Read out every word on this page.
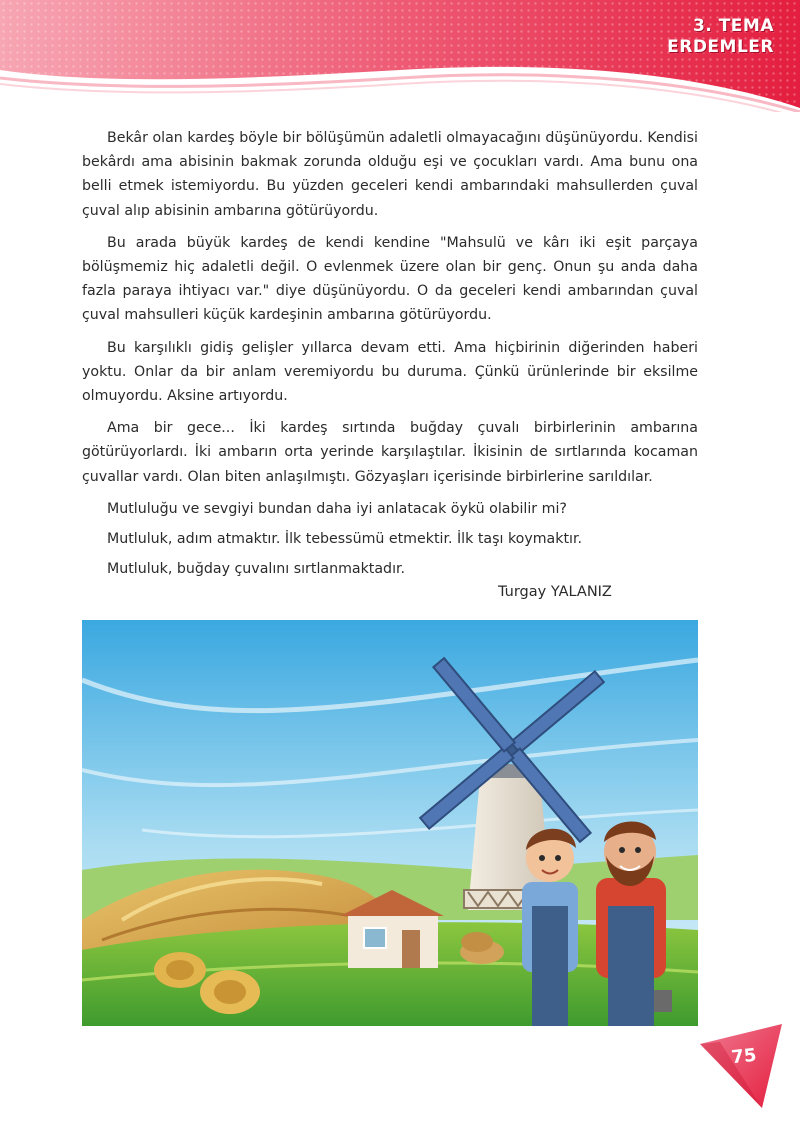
3. TEMA
ERDEMLER

Bekâr olan kardeş böyle bir bölüşümün adaletli olmayacağını düşünüyordu. Kendisi bekârdı ama abisinin bakmak zorunda olduğu eşi ve çocukları vardı. Ama bunu ona belli etmek istemiyordu. Bu yüzden geceleri kendi ambarındaki mahsullerden çuval çuval alıp abisinin ambarına götürüyordu.

Bu arada büyük kardeş de kendi kendine "Mahsulü ve kârı iki eşit parçaya bölüşmemiz hiç adaletli değil. O evlenmek üzere olan bir genç. Onun şu anda daha fazla paraya ihtiyacı var." diye düşünüyordu. O da geceleri kendi ambarından çuval çuval mahsulleri küçük kardeşinin ambarına götürüyordu.

Bu karşılıklı gidiş gelişler yıllarca devam etti. Ama hiçbirinin diğerinden haberi yoktu. Onlar da bir anlam veremiyordu bu duruma. Çünkü ürünlerinde bir eksilme olmuyordu. Aksine artıyordu.

Ama bir gece... İki kardeş sırtında buğday çuvalı birbirlerinin ambarına götürüyorlardı. İki ambarın orta yerinde karşılaştılar. İkisinin de sırtlarında kocaman çuvallar vardı. Olan biten anlaşılmıştı. Gözyaşları içerisinde birbirlerine sarıldılar.

Mutluluğu ve sevgiyi bundan daha iyi anlatacak öykü olabilir mi?

Mutluluk, adım atmaktır. İlk tebessümü etmektir. İlk taşı koymaktır.

Mutluluk, buğday çuvalını sırtlanmaktadır.

Turgay YALANIZ
75
